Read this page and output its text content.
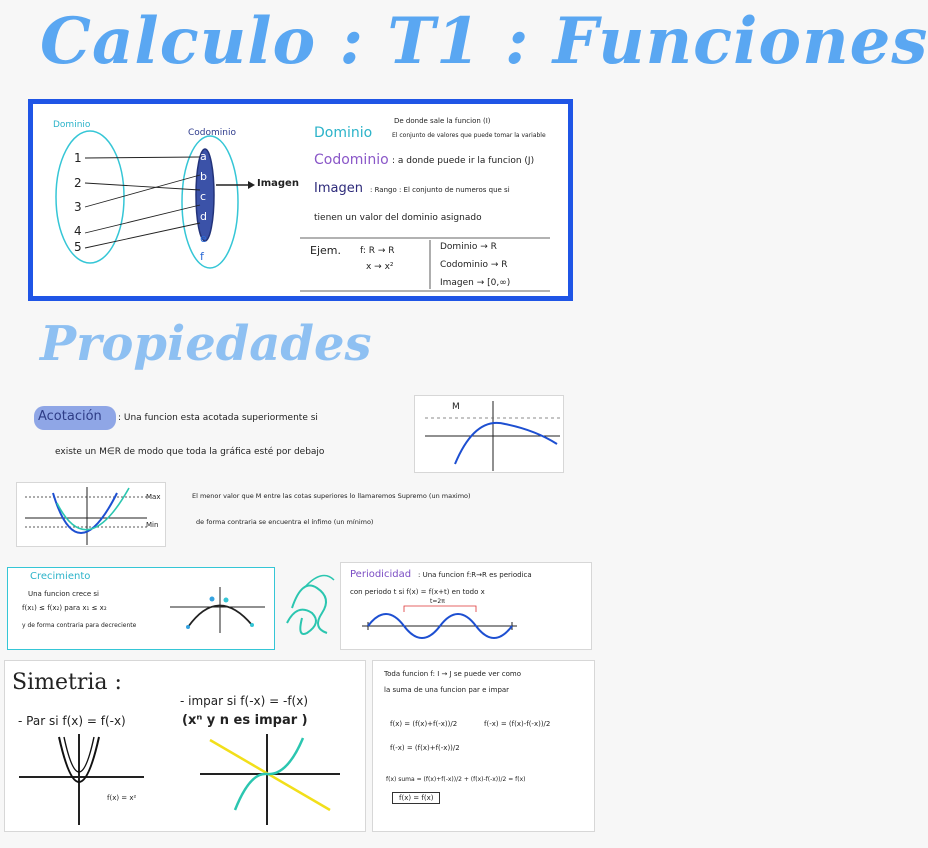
Calculo : T1 : Funciones
Dominio
Codominio
Imagen
1
2
3
4
5
a
b
c
d
e
f
Dominio
De donde sale la funcion (I)
El conjunto de valores que puede tomar la variable
Codominio : a donde puede ir la funcion (J)
Imagen : Rango : El conjunto de numeros que si
tienen un valor del dominio asignado
Ejem. f: R → R
x → x²
Dominio → R
Codominio → R
Imagen → [0,∞)
Propiedades
Acotación : Una funcion esta acotada superiormente si
existe un M∈R de modo que toda la gráfica esté por debajo
M
Max
Min
El menor valor que M entre las cotas superiores lo llamaremos Supremo (un maximo)
de forma contraria se encuentra el ínfimo (un mínimo)
Crecimiento
Una funcion crece si
f(x₁) ≤ f(x₂) para x₁ ≤ x₂
y de forma contraria para decreciente
Periodicidad : Una funcion f:R→R es periodica
con periodo t si f(x) = f(x+t) en todo x
t=2π
Simetria :
- Par si f(x) = f(-x)
- impar si f(-x) = -f(x)
(xⁿ y n es impar )
f(x) = x²
Toda funcion f: I → J se puede ver como
la suma de una funcion par e impar
f(x) = (f(x)+f(-x))/2	f(-x) = (f(x)-f(-x))/2
f(-x) = (f(x)+f(-x))/2
f(x) suma = (f(x)+f(-x))/2 + (f(x)-f(-x))/2 = f(x)
f(x) = f(x)
